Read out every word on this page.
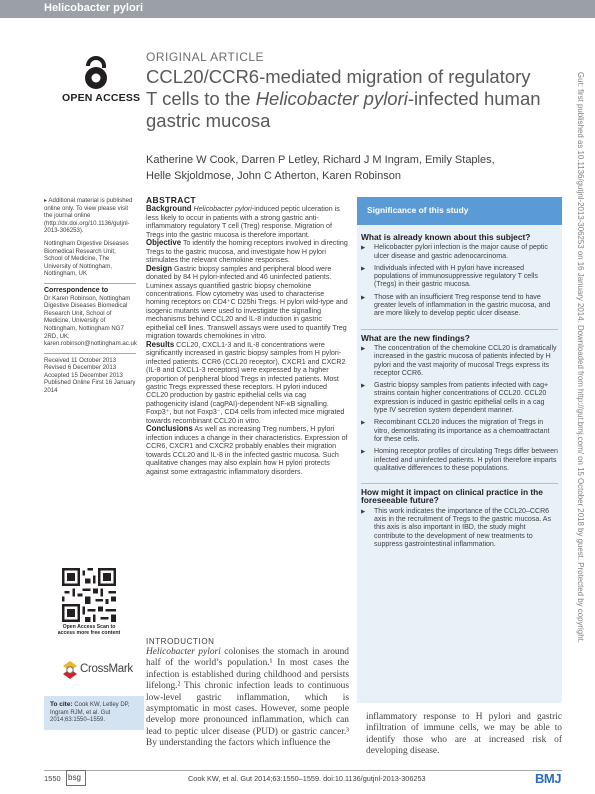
Helicobacter pylori
OPEN ACCESS
ORIGINAL ARTICLE
CCL20/CCR6-mediated migration of regulatory T cells to the Helicobacter pylori-infected human gastric mucosa
Katherine W Cook, Darren P Letley, Richard J M Ingram, Emily Staples,
Helle Skjoldmose, John C Atherton, Karen Robinson

▸ Additional material is published online only. To view please visit the journal online (http://dx.doi.org/10.1136/gutjnl-2013-306253).

Nottingham Digestive Diseases Biomedical Research Unit, School of Medicine, The University of Nottingham, Nottingham, UK

Correspondence to

Dr Karen Robinson, Nottingham Digestive Diseases Biomedical Research Unit, School of Medicine, University of Nottingham, Nottingham NG7 2RD, UK; karen.robinson@nottingham.ac.uk

Received 11 October 2013 Revised 6 December 2013 Accepted 15 December 2013 Published Online First 16 January 2014

Open Access Scan to access more free content
CrossMark
To cite: Cook KW, Letley DP, Ingram RJM, et al. Gut 2014;63:1550–1559.
ABSTRACT

Background Helicobacter pylori-induced peptic ulceration is less likely to occur in patients with a strong gastric anti-inflammatory regulatory T cell (Treg) response. Migration of Tregs into the gastric mucosa is therefore important.

Objective To identify the homing receptors involved in directing Tregs to the gastric mucosa, and investigate how H pylori stimulates the relevant chemokine responses.

Design Gastric biopsy samples and peripheral blood were donated by 84 H pylori-infected and 46 uninfected patients. Luminex assays quantified gastric biopsy chemokine concentrations. Flow cytometry was used to characterise homing receptors on CD4⁺C D25hi Tregs. H pylori wild-type and isogenic mutants were used to investigate the signalling mechanisms behind CCL20 and IL-8 induction in gastric epithelial cell lines. Transwell assays were used to quantify Treg migration towards chemokines in vitro.

Results CCL20, CXCL1-3 and IL-8 concentrations were significantly increased in gastric biopsy samples from H pylori-infected patients. CCR6 (CCL20 receptor), CXCR1 and CXCR2 (IL-8 and CXCL1-3 receptors) were expressed by a higher proportion of peripheral blood Tregs in infected patients. Most gastric Tregs expressed these receptors. H pylori induced CCL20 production by gastric epithelial cells via cag pathogenicity island (cagPAI)-dependent NF-κB signalling. Foxp3⁺, but not Foxp3⁻, CD4 cells from infected mice migrated towards recombinant CCL20 in vitro.

Conclusions As well as increasing Treg numbers, H pylori infection induces a change in their characteristics. Expression of CCR6, CXCR1 and CXCR2 probably enables their migration towards CCL20 and IL-8 in the infected gastric mucosa. Such qualitative changes may also explain how H pylori protects against some extragastric inflammatory disorders.

INTRODUCTION
Helicobacter pylori colonises the stomach in around half of the world’s population.¹ In most cases the infection is established during childhood and persists lifelong.² This chronic infection leads to continuous low-level gastric inflammation, which is asymptomatic in most cases. However, some people develop more pronounced inflammation, which can lead to peptic ulcer disease (PUD) or gastric cancer.³ By understanding the factors which influence the
inflammatory response to H pylori and gastric infiltration of immune cells, we may be able to identify those who are at increased risk of developing disease.
Significance of this study
What is already known about this subject?
▶ Helicobacter pylori infection is the major cause of peptic ulcer disease and gastric adenocarcinoma.
▶ Individuals infected with H pylori have increased populations of immunosuppressive regulatory T cells (Tregs) in their gastric mucosa.
▶ Those with an insufficient Treg response tend to have greater levels of inflammation in the gastric mucosa, and are more likely to develop peptic ulcer disease.
What are the new findings?
▶ The concentration of the chemokine CCL20 is dramatically increased in the gastric mucosa of patients infected by H pylori and the vast majority of mucosal Tregs express its receptor CCR6.
▶ Gastric biopsy samples from patients infected with cag+ strains contain higher concentrations of CCL20. CCL20 expression is induced in gastric epithelial cells in a cag type IV secretion system dependent manner.
▶ Recombinant CCL20 induces the migration of Tregs in vitro, demonstrating its importance as a chemoattractant for these cells.
▶ Homing receptor profiles of circulating Tregs differ between infected and uninfected patients. H pylori therefore imparts qualitative differences to these populations.
How might it impact on clinical practice in the foreseeable future?
▶ This work indicates the importance of the CCL20–CCR6 axis in the recruitment of Tregs to the gastric mucosa. As this axis is also important in IBD, the study might contribute to the development of new treatments to suppress gastrointestinal inflammation.	Gut: first published as 10.1136/gutjnl-2013-306253 on 16 January 2014. Downloaded from http://gut.bmj.com/ on 15 October 2018 by guest. Protected by copyright.
1550 bsg	Cook KW, et al. Gut 2014;63:1550–1559. doi:10.1136/gutjnl-2013-306253	BMJ
